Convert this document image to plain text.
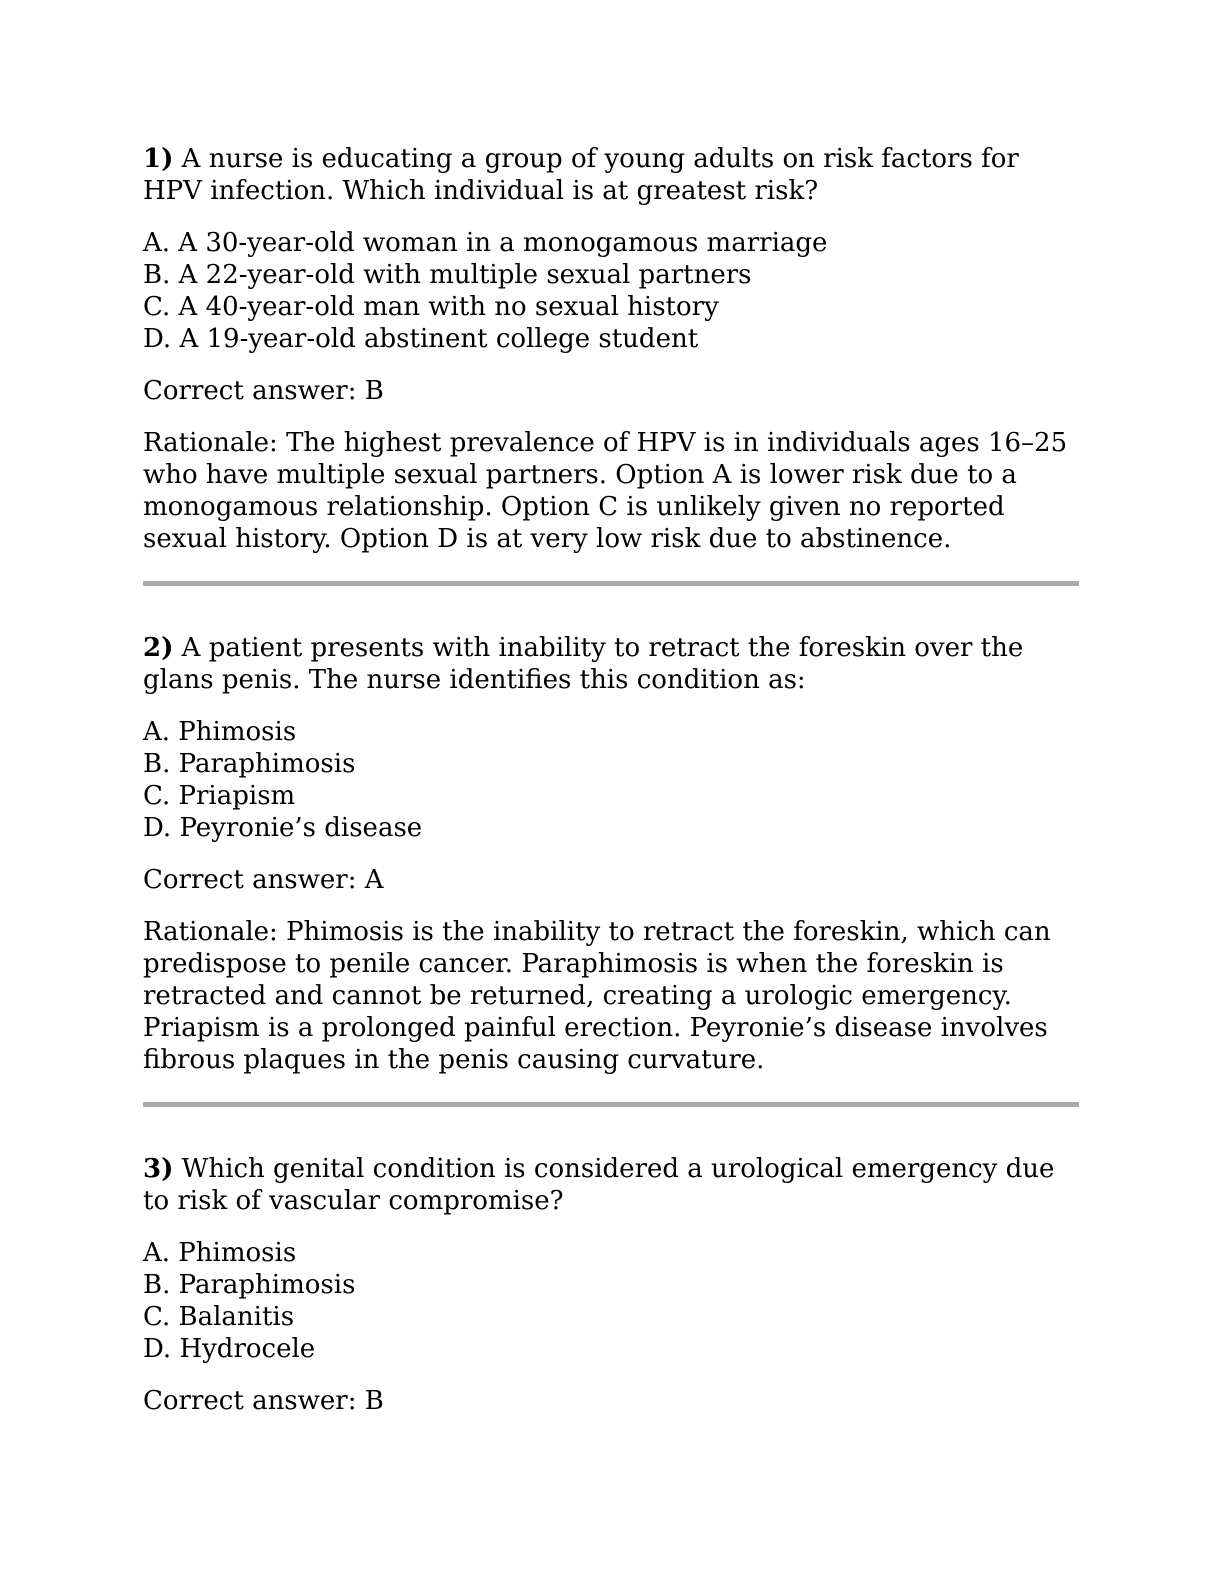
1) A nurse is educating a group of young adults on risk factors for HPV infection. Which individual is at greatest risk?

A. A 30-year-old woman in a monogamous marriage
B. A 22-year-old with multiple sexual partners
C. A 40-year-old man with no sexual history
D. A 19-year-old abstinent college student

Correct answer: B

Rationale: The highest prevalence of HPV is in individuals ages 16–25 who have multiple sexual partners. Option A is lower risk due to a monogamous relationship. Option C is unlikely given no reported sexual history. Option D is at very low risk due to abstinence.

2) A patient presents with inability to retract the foreskin over the glans penis. The nurse identifies this condition as:

A. Phimosis
B. Paraphimosis
C. Priapism
D. Peyronie’s disease

Correct answer: A

Rationale: Phimosis is the inability to retract the foreskin, which can predispose to penile cancer. Paraphimosis is when the foreskin is retracted and cannot be returned, creating a urologic emergency. Priapism is a prolonged painful erection. Peyronie’s disease involves fibrous plaques in the penis causing curvature.

3) Which genital condition is considered a urological emergency due to risk of vascular compromise?

A. Phimosis
B. Paraphimosis
C. Balanitis
D. Hydrocele

Correct answer: B
